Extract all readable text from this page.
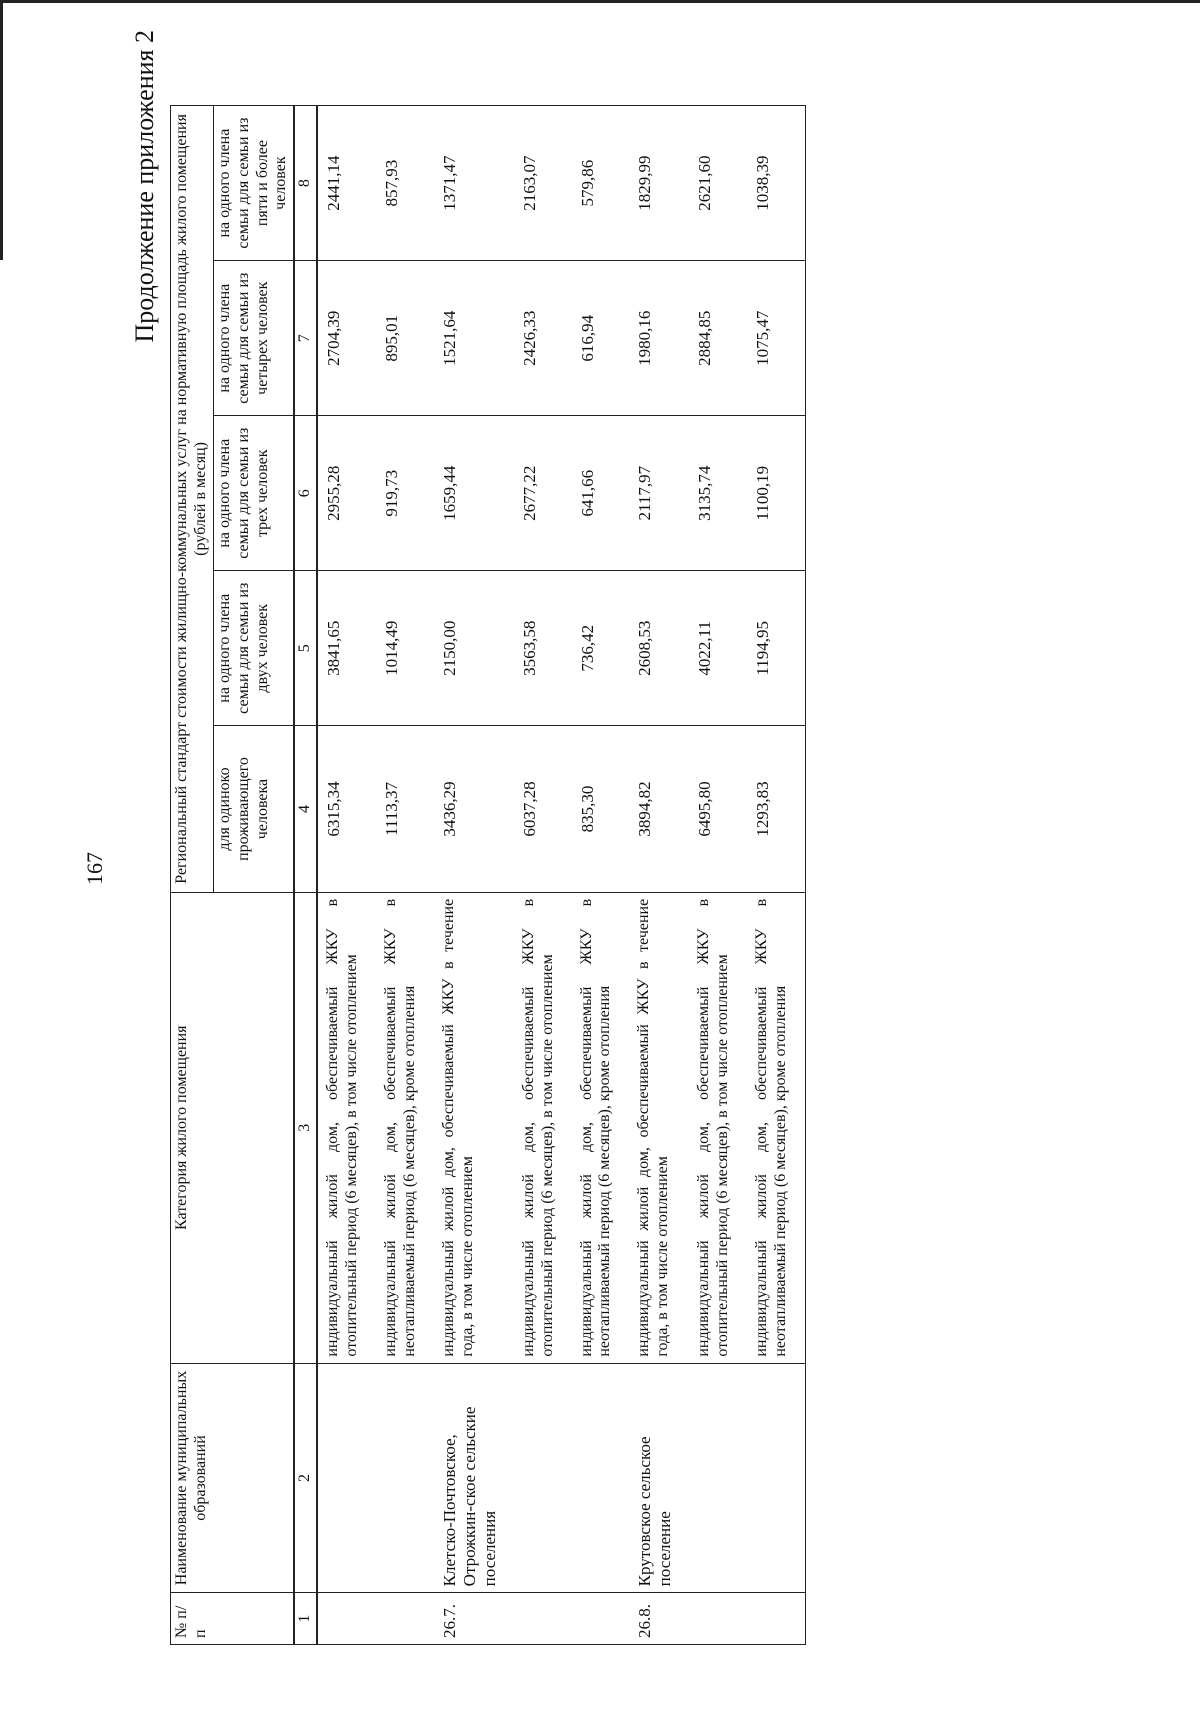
167
Продолжение приложения 2
№ п/п	Наименование муниципальных образований	Категория жилого помещения	Региональный стандарт стоимости жилищно-коммунальных услуг на нормативную площадь жилого помещения (рублей в месяц)				
			для одиноко проживающего человека	на одного члена семьи для семьи из двух человек	на одного члена семьи для семьи из трех человек	на одного члена семьи для семьи из четырех человек	на одного члена семьи для семьи из пяти и более человек
1	2	3	4	5	6	7	8
		индивидуальный жилой дом, обеспечиваемый ЖКУ в отопительный период (6 месяцев), в том числе отоплением	6315,34	3841,65	2955,28	2704,39	2441,14
		индивидуальный жилой дом, обеспечиваемый ЖКУ в неотапливаемый период (6 месяцев), кроме отопления	1113,37	1014,49	919,73	895,01	857,93
26.7.	Клетско-Почтовское, Отрожкин-ское сельские поселения	индивидуальный жилой дом, обеспечиваемый ЖКУ в течение года, в том числе отоплением	3436,29	2150,00	1659,44	1521,64	1371,47
		индивидуальный жилой дом, обеспечиваемый ЖКУ в отопительный период (6 месяцев), в том числе отоплением	6037,28	3563,58	2677,22	2426,33	2163,07
		индивидуальный жилой дом, обеспечиваемый ЖКУ в неотапливаемый период (6 месяцев), кроме отопления	835,30	736,42	641,66	616,94	579,86
26.8.	Крутовское сельское поселение	индивидуальный жилой дом, обеспечиваемый ЖКУ в течение года, в том числе отоплением	3894,82	2608,53	2117,97	1980,16	1829,99
		индивидуальный жилой дом, обеспечиваемый ЖКУ в отопительный период (6 месяцев), в том числе отоплением	6495,80	4022,11	3135,74	2884,85	2621,60
		индивидуальный жилой дом, обеспечиваемый ЖКУ в неотапливаемый период (6 месяцев), кроме отопления	1293,83	1194,95	1100,19	1075,47	1038,39
